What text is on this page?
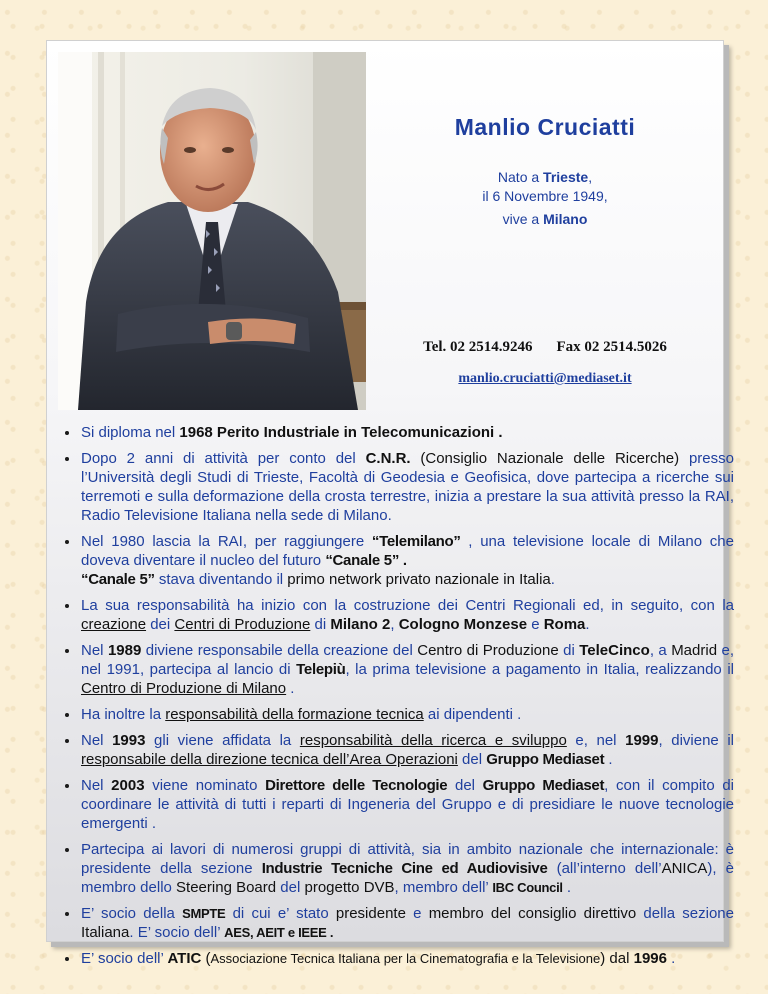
Manlio Cruciatti
Nato a Trieste,
il 6 Novembre 1949,
vive a Milano
Tel. 02 2514.9246 Fax 02 2514.5026
manlio.cruciatti@mediaset.it
• Si diploma nel 1968 Perito Industriale in Telecomunicazioni .
• Dopo 2 anni di attività per conto del C.N.R. (Consiglio Nazionale delle Ricerche) presso l’Università degli Studi di Trieste, Facoltà di Geodesia e Geofisica, dove partecipa a ricerche sui terremoti e sulla deformazione della crosta terrestre, inizia a prestare la sua attività presso la RAI, Radio Televisione Italiana nella sede di Milano.
• Nel 1980 lascia la RAI, per raggiungere “Telemilano” , una televisione locale di Milano che doveva diventare il nucleo del futuro “Canale 5” .
“Canale 5” stava diventando il primo network privato nazionale in Italia.
• La sua responsabilità ha inizio con la costruzione dei Centri Regionali ed, in seguito, con la creazione dei Centri di Produzione di Milano 2, Cologno Monzese e Roma.
• Nel 1989 diviene responsabile della creazione del Centro di Produzione di TeleCinco, a Madrid e, nel 1991, partecipa al lancio di Telepiù, la prima televisione a pagamento in Italia, realizzando il Centro di Produzione di Milano .
• Ha inoltre la responsabilità della formazione tecnica ai dipendenti .
• Nel 1993 gli viene affidata la responsabilità della ricerca e sviluppo e, nel 1999, diviene il responsabile della direzione tecnica dell’Area Operazioni del Gruppo Mediaset .
• Nel 2003 viene nominato Direttore delle Tecnologie del Gruppo Mediaset, con il compito di coordinare le attività di tutti i reparti di Ingeneria del Gruppo e di presidiare le nuove tecnologie emergenti .
• Partecipa ai lavori di numerosi gruppi di attività, sia in ambito nazionale che internazionale: è presidente della sezione Industrie Tecniche Cine ed Audiovisive (all’interno dell’ANICA), è membro dello Steering Board del progetto DVB, membro dell’ IBC Council .
• E’ socio della SMPTE di cui e’ stato presidente e membro del consiglio direttivo della sezione Italiana. E’ socio dell’ AES, AEIT e IEEE .
• E’ socio dell’ ATIC (Associazione Tecnica Italiana per la Cinematografia e la Televisione) dal 1996 .
